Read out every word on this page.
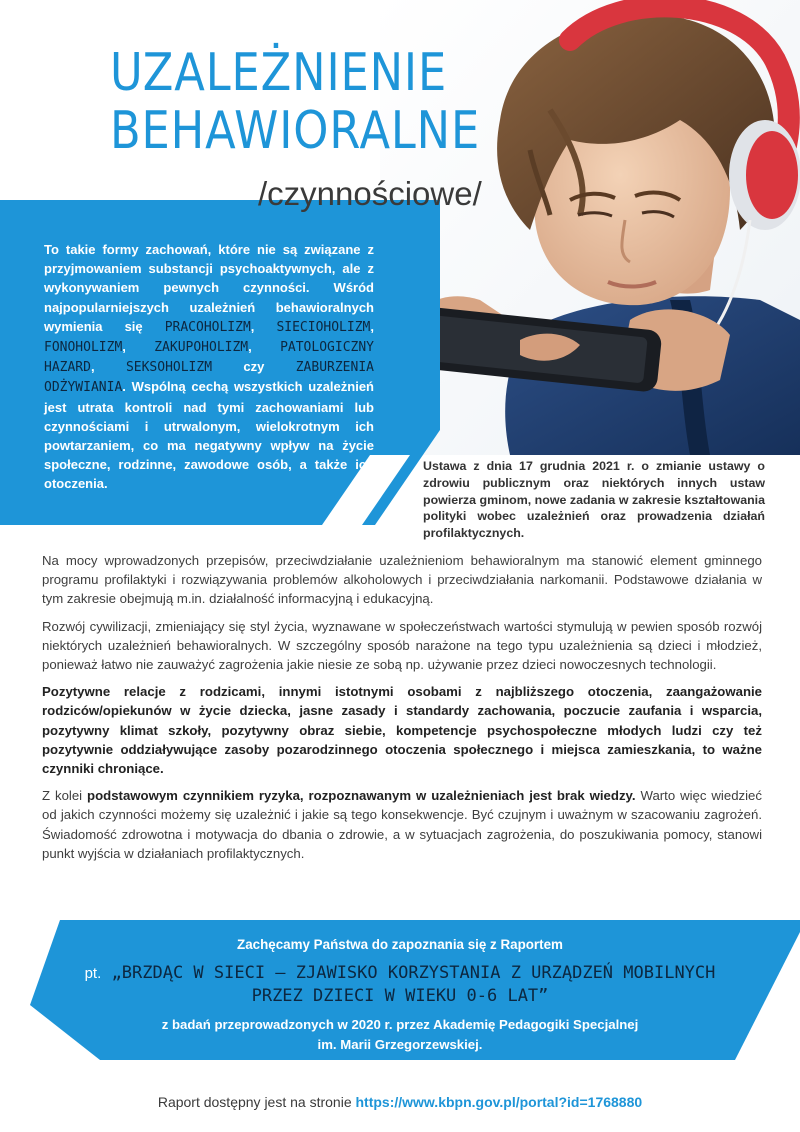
UZALEŻNIENIE
BEHAWIORALNE
/czynnościowe/

To takie formy zachowań, które nie są związane z przyjmowaniem substancji psychoaktywnych, ale z wykonywaniem pewnych czynności. Wśród najpopularniejszych uzależnień behawioralnych wymienia się PRACOHOLIZM, SIECIOHOLIZM, FONOHOLIZM, ZAKUPOHOLIZM, PATOLOGICZNY HAZARD, SEKSOHOLIZM czy ZABURZENIA ODŻYWIANIA. Wspólną cechą wszystkich uzależnień jest utrata kontroli nad tymi zachowaniami lub czynnościami i utrwalonym, wielokrotnym ich powtarzaniem, co ma negatywny wpływ na życie społeczne, rodzinne, zawodowe osób, a także ich otoczenia.

Ustawa z dnia 17 grudnia 2021 r. o zmianie ustawy o zdrowiu publicznym oraz niektórych innych ustaw powierza gminom, nowe zadania w zakresie kształtowania polityki wobec uzależnień oraz prowadzenia działań profilaktycznych.

Na mocy wprowadzonych przepisów, przeciwdziałanie uzależnieniom behawioralnym ma stanowić element gminnego programu profilaktyki i rozwiązywania problemów alkoholowych i przeciwdziałania narkomanii. Podstawowe działania w tym zakresie obejmują m.in. działalność informacyjną i edukacyjną.

Rozwój cywilizacji, zmieniający się styl życia, wyznawane w społeczeństwach wartości stymulują w pewien sposób rozwój niektórych uzależnień behawioralnych. W szczególny sposób narażone na tego typu uzależnienia są dzieci i młodzież, ponieważ łatwo nie zauważyć zagrożenia jakie niesie ze sobą np. używanie przez dzieci nowoczesnych technologii.

Pozytywne relacje z rodzicami, innymi istotnymi osobami z najbliższego otoczenia, zaangażowanie rodziców/opiekunów w życie dziecka, jasne zasady i standardy zachowania, poczucie zaufania i wsparcia, pozytywny klimat szkoły, pozytywny obraz siebie, kompetencje psychospołeczne młodych ludzi czy też pozytywnie oddziaływujące zasoby pozarodzinnego otoczenia społecznego i miejsca zamieszkania, to ważne czynniki chroniące.

Z kolei podstawowym czynnikiem ryzyka, rozpoznawanym w uzależnieniach jest brak wiedzy. Warto więc wiedzieć od jakich czynności możemy się uzależnić i jakie są tego konsekwencje. Być czujnym i uważnym w szacowaniu zagrożeń. Świadomość zdrowotna i motywacja do dbania o zdrowie, a w sytuacjach zagrożenia, do poszukiwania pomocy, stanowi punkt wyjścia w działaniach profilaktycznych.

Zachęcamy Państwa do zapoznania się z Raportem
pt. „BRZDĄC W SIECI – ZJAWISKO KORZYSTANIA Z URZĄDZEŃ MOBILNYCH
PRZEZ DZIECI W WIEKU 0-6 LAT”
z badań przeprowadzonych w 2020 r. przez Akademię Pedagogiki Specjalnej
im. Marii Grzegorzewskiej.

Raport dostępny jest na stronie https://www.kbpn.gov.pl/portal?id=1768880
